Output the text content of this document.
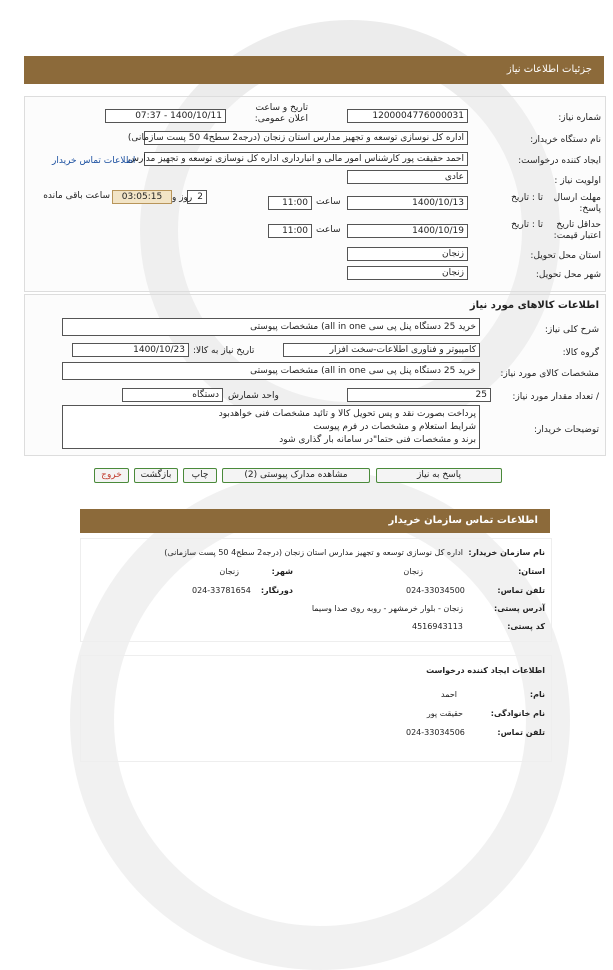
جزئیات اطلاعات نیاز
شماره نیاز:
1200004776000031
تاریخ و ساعت اعلان عمومی:
1400/10/11 - 07:37
نام دستگاه خریدار:
اداره کل نوسازی توسعه و تجهیز مدارس استان زنجان (درجه2 سطح4 50 پست سازمانی)
ایجاد کننده درخواست:
احمد حقیقت پور کارشناس امور مالی و انبارداری اداره کل نوسازی توسعه و تجهیز مدارس
اطلاعات تماس خریدار
اولویت نیاز :
عادی
مهلت ارسال پاسخ:
تا : تاریخ
1400/10/13
ساعت
11:00
2
روز و
03:05:15
ساعت باقی مانده
حداقل تاریخ اعتبار قیمت:
تا : تاریخ
1400/10/19
ساعت
11:00
استان محل تحویل:
زنجان
شهر محل تحویل:
زنجان
اطلاعات کالاهای مورد نیاز
شرح کلی نیاز:
خرید 25 دستگاه پنل پی سی all in one) مشخصات پیوستی
گروه کالا:
کامپیوتر و فناوری اطلاعات-سخت افزار
تاریخ نیاز به کالا:
1400/10/23
مشخصات کالای مورد نیاز:
خرید 25 دستگاه پنل پی سی all in one) مشخصات پیوستی
/ تعداد مقدار مورد نیاز:
25
واحد شمارش
دستگاه
توضیحات خریدار:
پرداخت بصورت نقد و پس تحویل کالا و تائید مشخصات فنی خواهدبود
شرایط استعلام و مشخصات در فرم پیوست
برند و مشخصات فنی حتما"در سامانه بار گذاری شود
پاسخ به نیاز
مشاهده مدارک پیوستی (2)
چاپ
بازگشت
خروج
اطلاعات تماس سازمان خریدار
نام سازمان خریدار:
اداره کل نوسازی توسعه و تجهیز مدارس استان زنجان (درجه2 سطح4 50 پست سازمانی)
استان:
زنجان
شهر:
زنجان
تلفن تماس:
024-33034500
دورنگار:
024-33781654
آدرس پستی:
زنجان - بلوار خرمشهر - روبه روی صدا وسیما
کد پستی:
4516943113
اطلاعات ایجاد کننده درخواست
نام:
احمد
نام خانوادگی:
حقیقت پور
تلفن تماس:
024-33034506
